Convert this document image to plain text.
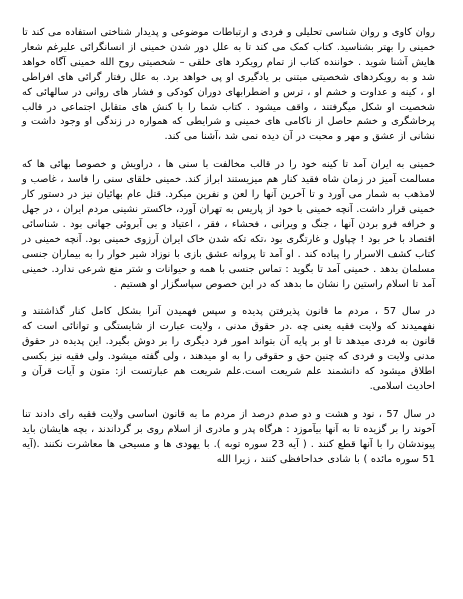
روان کاوی و روان شناسی تحلیلی و فردی و ارتباطات موضوعی و پدیدار شناختی استفاده می کند تا خمینی را بهتر بشناسید. کتاب کمک می کند تا به علل دور شدن خمینی از انسانگرائی علیرغم شعار هایش آشنا شوید . خواننده کتاب از تمام رویکرد های خلقی – شخصیتی روح الله خمینی آگاه خواهد شد و به رویکردهای شخصیتی مبتنی بر یادگیری او پی خواهد برد. به علل رفتار گرائی های افراطی او ، کینه و عداوت و خشم او ، ترس و اضطرابهای دوران کودکی و فشار های روانی در سالهائی که شخصیت او شکل میگرفتند ، واقف میشود . کتاب شما را با کنش های متقابل اجتماعی در قالب پرخاشگری و خشم حاصل از ناکامی های خمینی و شرایطی که همواره در زندگی او وجود داشت و نشانی از عشق و مهر و محبت در آن دیده نمی شد ،آشنا می کند.

خمینی به ایران آمد تا کینه خود را در قالب مخالفت با سنی ها ، دراویش و خصوصا بهائی ها که مسالمت آمیز در زمان شاه فقید کنار هم میزیستند ابراز کند. خمینی خلقای سنی را فاسد ، غاصب و لامذهب به شمار می آورد و تا آخرین آنها را لعن و نفرین میکرد. قتل عام بهائیان نیز در دستور کار خمینی قرار داشت. آنچه خمینی با خود از پاریس به تهران آورد، خاکستر نشینی مردم ایران ، در جهل و خرافه فرو بردن آنها ، جنگ و ویرانی ، فحشاء ، فقر ، اعتیاد و بی آبروئی جهانی بود . شناسائی اقتصاد با خر بود ! چپاول و غارتگری بود ،تکه تکه شدن خاک ایران آرزوی خمینی بود. آنچه خمینی در کتاب کشف الاسرار را پیاده کند . او آمد تا پروانه عشق بازی با نوزاد شیر خوار را به بیماران جنسی مسلمان بدهد . خمینی آمد تا بگوید : تماس جنسی با همه و حیوانات و شتر منع شرعی ندارد. خمینی آمد تا اسلام راستین را نشان ما بدهد که در این خصوص سپاسگزار او هستیم .

در سال 57 ، مردم ما قانون پذیرفتن پدیده و سپس فهمیدن آنرا بشکل کامل کنار گذاشتند و نفهمیدند که ولایت فقیه یعنی چه .در حقوق مدنی ، ولایت عبارت از شایستگی و توانائی است که قانون به فردی میدهد تا او بر پایه آن بتواند امور فرد دیگری را بر دوش بگیرد. این پدیده در حقوق مدنی ولایت و فردی که چنین حق و حقوقی را به او میدهند ، ولی گفته میشود. ولی فقیه نیز بکسی اطلاق میشود که دانشمند علم شریعت است.علم شریعت هم عبارتست از: متون و آیات قرآن و احادیث اسلامی.

در سال 57 ، نود و هشت و دو صدم درصد از مردم ما به قانون اساسی ولایت فقیه رای دادند تنا آخوند را بر گزیده تا به آنها بیآموزد : هرگاه پدر و مادری از اسلام روی بر گرداندند ، بچه هایشان باید پیوندشان را با آنها قطع کنند . ( آیه 23 سوره توبه ). با یهودی ها و مسیحی ها معاشرت نکنند .(آیه 51 سوره مائده ) با شادی خداحافظی کنند ، زیرا الله
